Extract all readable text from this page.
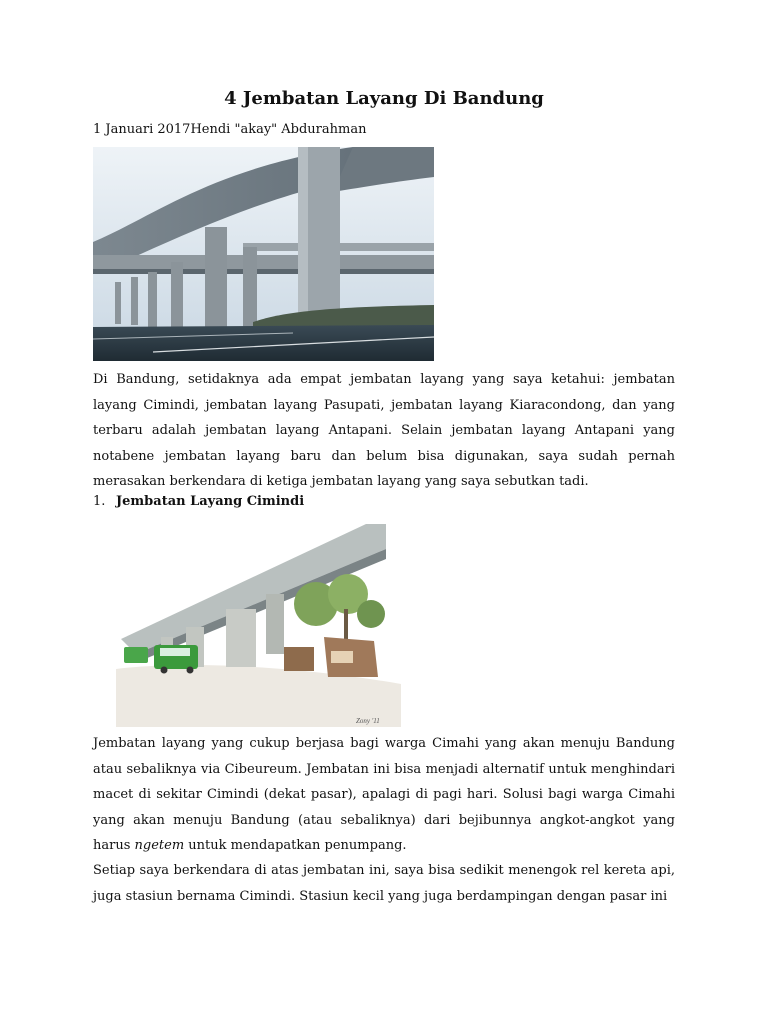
4 Jembatan Layang Di Bandung
1 Januari 2017Hendi "akay" Abdurahman

Di Bandung, setidaknya ada empat jembatan layang yang saya ketahui: jembatan layang Cimindi, jembatan layang Pasupati, jembatan layang Kiaracondong, dan yang terbaru adalah jembatan layang Antapani. Selain jembatan layang Antapani yang notabene jembatan layang baru dan belum bisa digunakan, saya sudah pernah merasakan berkendara di ketiga jembatan layang yang saya sebutkan tadi.

1. Jembatan Layang Cimindi
Zony '11

Jembatan layang yang cukup berjasa bagi warga Cimahi yang akan menuju Bandung atau sebaliknya via Cibeureum. Jembatan ini bisa menjadi alternatif untuk menghindari macet di sekitar Cimindi (dekat pasar), apalagi di pagi hari. Solusi bagi warga Cimahi yang akan menuju Bandung (atau sebaliknya) dari bejibunnya angkot-angkot yang harus ngetem untuk mendapatkan penumpang.

Setiap saya berkendara di atas jembatan ini, saya bisa sedikit menengok rel kereta api, juga stasiun bernama Cimindi. Stasiun kecil yang juga berdampingan dengan pasar ini
